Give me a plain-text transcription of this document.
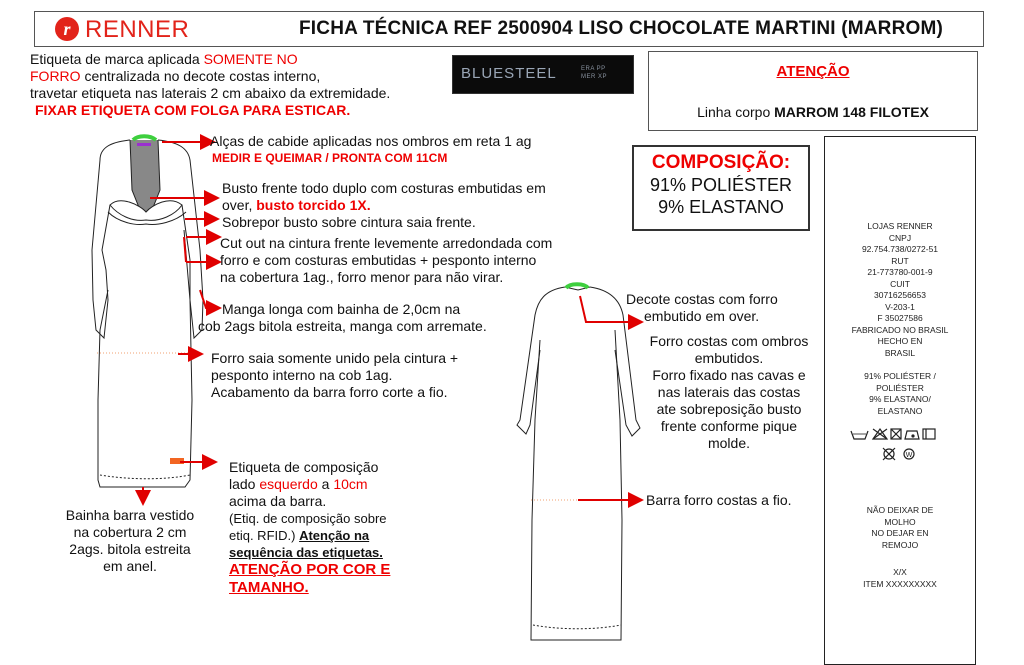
r RENNER	FICHA TÉCNICA REF 2500904 LISO CHOCOLATE MARTINI (MARROM)
Etiqueta de marca aplicada SOMENTE NO
FORRO centralizada no decote costas interno,
travetar etiqueta nas laterais 2 cm abaixo da extremidade.
FIXAR ETIQUETA COM FOLGA PARA ESTICAR.
BLUESTEEL	ERA PP
MER XP	ATENÇÃO
Linha corpo MARROM 148 FILOTEX
COMPOSIÇÃO:
91% POLIÉSTER
9% ELASTANO
Alças de cabide aplicadas nos ombros em reta 1 ag
MEDIR E QUEIMAR / PRONTA COM 11CM
Busto frente todo duplo com costuras embutidas em
over, busto torcido 1X.
Sobrepor busto sobre cintura saia frente.
Cut out na cintura frente levemente arredondada com
forro e com costuras embutidas + pesponto interno
na cobertura 1ag., forro menor para não virar.
Manga longa com bainha de 2,0cm na
cob 2ags bitola estreita, manga com arremate.
Forro saia somente unido pela cintura +
pesponto interno na cob 1ag.
Acabamento da barra forro corte a fio.
Etiqueta de composição
lado esquerdo a 10cm
acima da barra.
(Etiq. de composição sobre
etiq. RFID.) Atenção na
sequência das etiquetas.
ATENÇÃO POR COR E
TAMANHO.
Bainha barra vestido
na cobertura 2 cm
2ags. bitola estreita
em anel.
Decote costas com forro
embutido em over.
Forro costas com ombros
embutidos.
Forro fixado nas cavas e
nas laterais das costas
ate sobreposição busto
frente conforme pique
molde.
Barra forro costas a fio.
LOJAS RENNER
CNPJ
92.754.738/0272-51
RUT
21-773780-001-9
CUIT
30716256653
V-203-1
F 35027586
FABRICADO NO BRASIL
HECHO EN
BRASIL
91% POLIÉSTER /
POLIÉSTER
9% ELASTANO/
ELASTANO
W
NÃO DEIXAR DE
MOLHO
NO DEJAR EN
REMOJO
X/X
ITEM XXXXXXXXX
